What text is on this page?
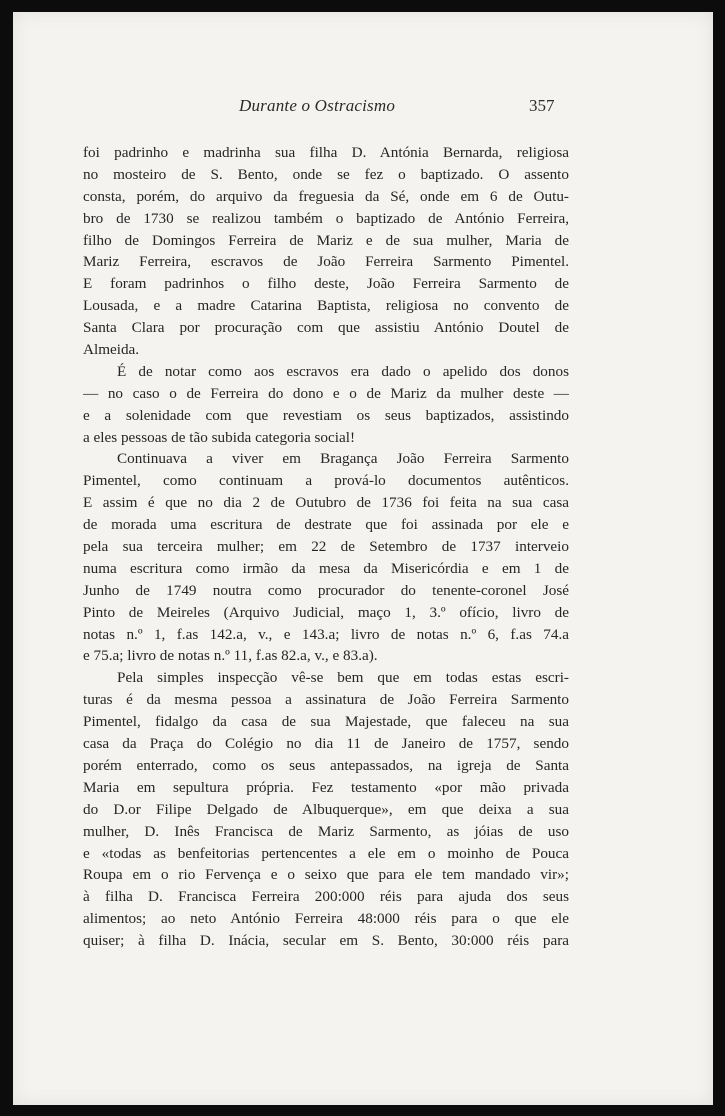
Durante o Ostracismo	357
foi padrinho e madrinha sua filha D. Antónia Bernarda, religiosa
no mosteiro de S. Bento, onde se fez o baptizado. O assento
consta, porém, do arquivo da freguesia da Sé, onde em 6 de Outu-
bro de 1730 se realizou também o baptizado de António Ferreira,
filho de Domingos Ferreira de Mariz e de sua mulher, Maria de
Mariz Ferreira, escravos de João Ferreira Sarmento Pimentel.
E foram padrinhos o filho deste, João Ferreira Sarmento de
Lousada, e a madre Catarina Baptista, religiosa no convento de
Santa Clara por procuração com que assistiu António Doutel de
Almeida.
É de notar como aos escravos era dado o apelido dos donos
— no caso o de Ferreira do dono e o de Mariz da mulher deste —
e a solenidade com que revestiam os seus baptizados, assistindo
a eles pessoas de tão subida categoria social!
Continuava a viver em Bragança João Ferreira Sarmento
Pimentel, como continuam a prová-lo documentos autênticos.
E assim é que no dia 2 de Outubro de 1736 foi feita na sua casa
de morada uma escritura de destrate que foi assinada por ele e
pela sua terceira mulher; em 22 de Setembro de 1737 interveio
numa escritura como irmão da mesa da Misericórdia e em 1 de
Junho de 1749 noutra como procurador do tenente-coronel José
Pinto de Meireles (Arquivo Judicial, maço 1, 3.º ofício, livro de
notas n.º 1, f.as 142.a, v., e 143.a; livro de notas n.º 6, f.as 74.a
e 75.a; livro de notas n.º 11, f.as 82.a, v., e 83.a).
Pela simples inspecção vê-se bem que em todas estas escri-
turas é da mesma pessoa a assinatura de João Ferreira Sarmento
Pimentel, fidalgo da casa de sua Majestade, que faleceu na sua
casa da Praça do Colégio no dia 11 de Janeiro de 1757, sendo
porém enterrado, como os seus antepassados, na igreja de Santa
Maria em sepultura própria. Fez testamento «por mão privada
do D.or Filipe Delgado de Albuquerque», em que deixa a sua
mulher, D. Inês Francisca de Mariz Sarmento, as jóias de uso
e «todas as benfeitorias pertencentes a ele em o moinho de Pouca
Roupa em o rio Fervença e o seixo que para ele tem mandado vir»;
à filha D. Francisca Ferreira 200:000 réis para ajuda dos seus
alimentos; ao neto António Ferreira 48:000 réis para o que ele
quiser; à filha D. Inácia, secular em S. Bento, 30:000 réis para
